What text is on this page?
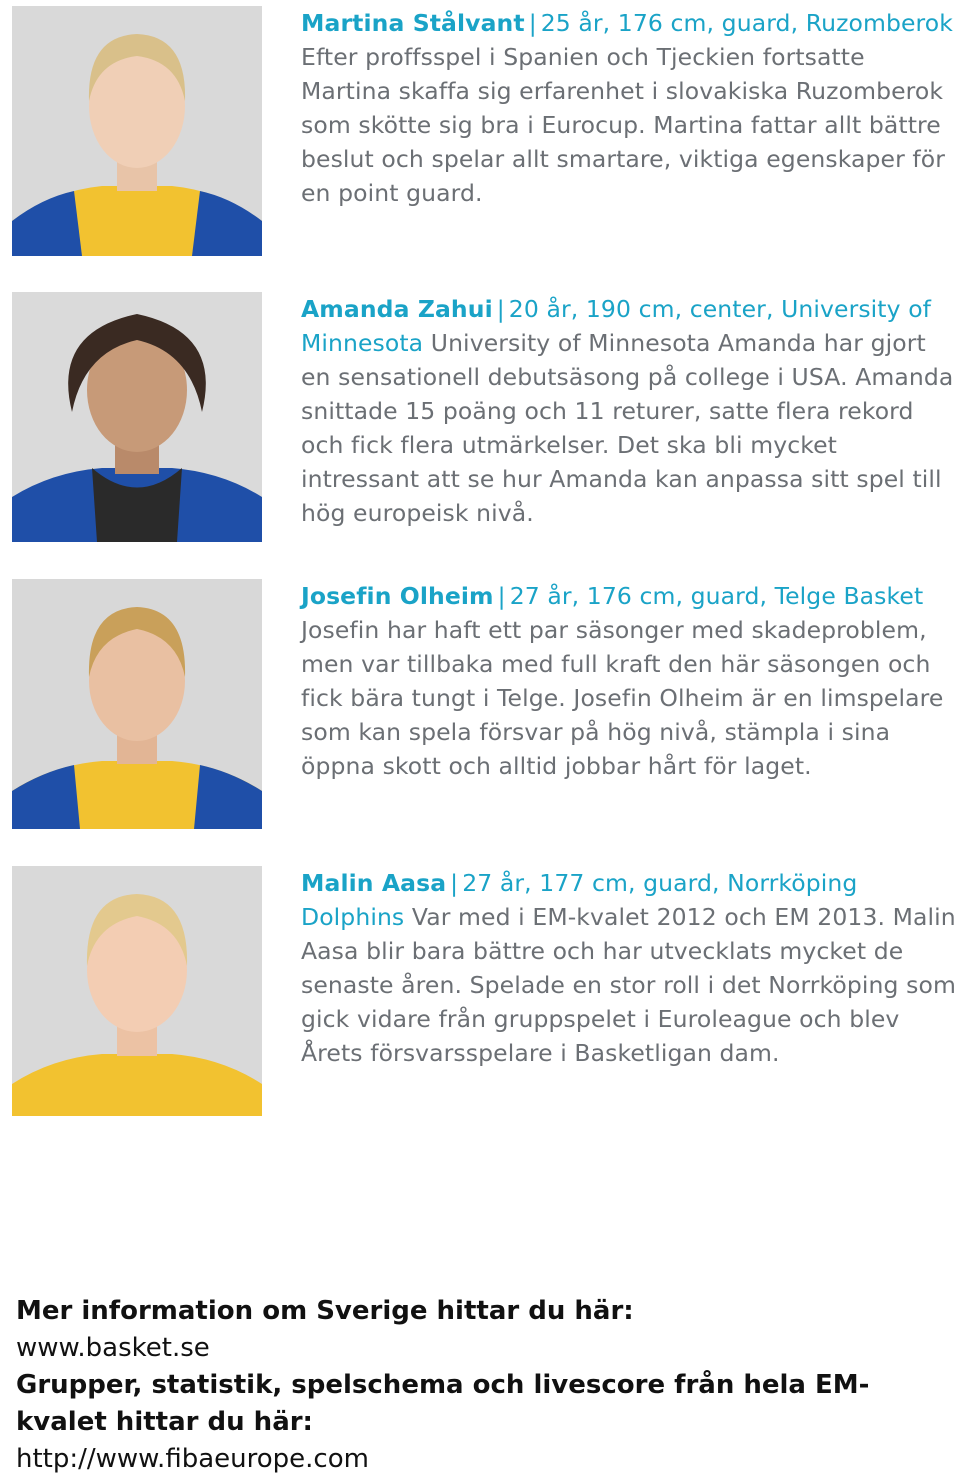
Martina Stålvant | 25 år, 176 cm, guard, Ruzomberok Efter proffsspel i Spanien och Tjeckien fortsatte Martina skaffa sig erfarenhet i slovakiska Ruzomberok som skötte sig bra i Eurocup. Martina fattar allt bättre beslut och spelar allt smartare, viktiga egenskaper för en point guard.
Amanda Zahui | 20 år, 190 cm, center, University of Minnesota University of Minnesota Amanda har gjort en sensationell debutsäsong på college i USA. Amanda snittade 15 poäng och 11 returer, satte flera rekord och fick flera utmärkelser. Det ska bli mycket intressant att se hur Amanda kan anpassa sitt spel till hög europeisk nivå.
Josefin Olheim | 27 år, 176 cm, guard, Telge Basket Josefin har haft ett par säsonger med skadeproblem, men var tillbaka med full kraft den här säsongen och fick bära tungt i Telge. Josefin Olheim är en limspelare som kan spela försvar på hög nivå, stämpla i sina öppna skott och alltid jobbar hårt för laget.
Malin Aasa | 27 år, 177 cm, guard, Norrköping Dolphins Var med i EM-kvalet 2012 och EM 2013. Malin Aasa blir bara bättre och har utvecklats mycket de senaste åren. Spelade en stor roll i det Norrköping som gick vidare från gruppspelet i Euroleague och blev Årets försvarsspelare i Basketligan dam.
Mer information om Sverige hittar du här:
www.basket.se
Grupper, statistik, spelschema och livescore från hela EM-kvalet hittar du här:
http://www.fibaeurope.com
